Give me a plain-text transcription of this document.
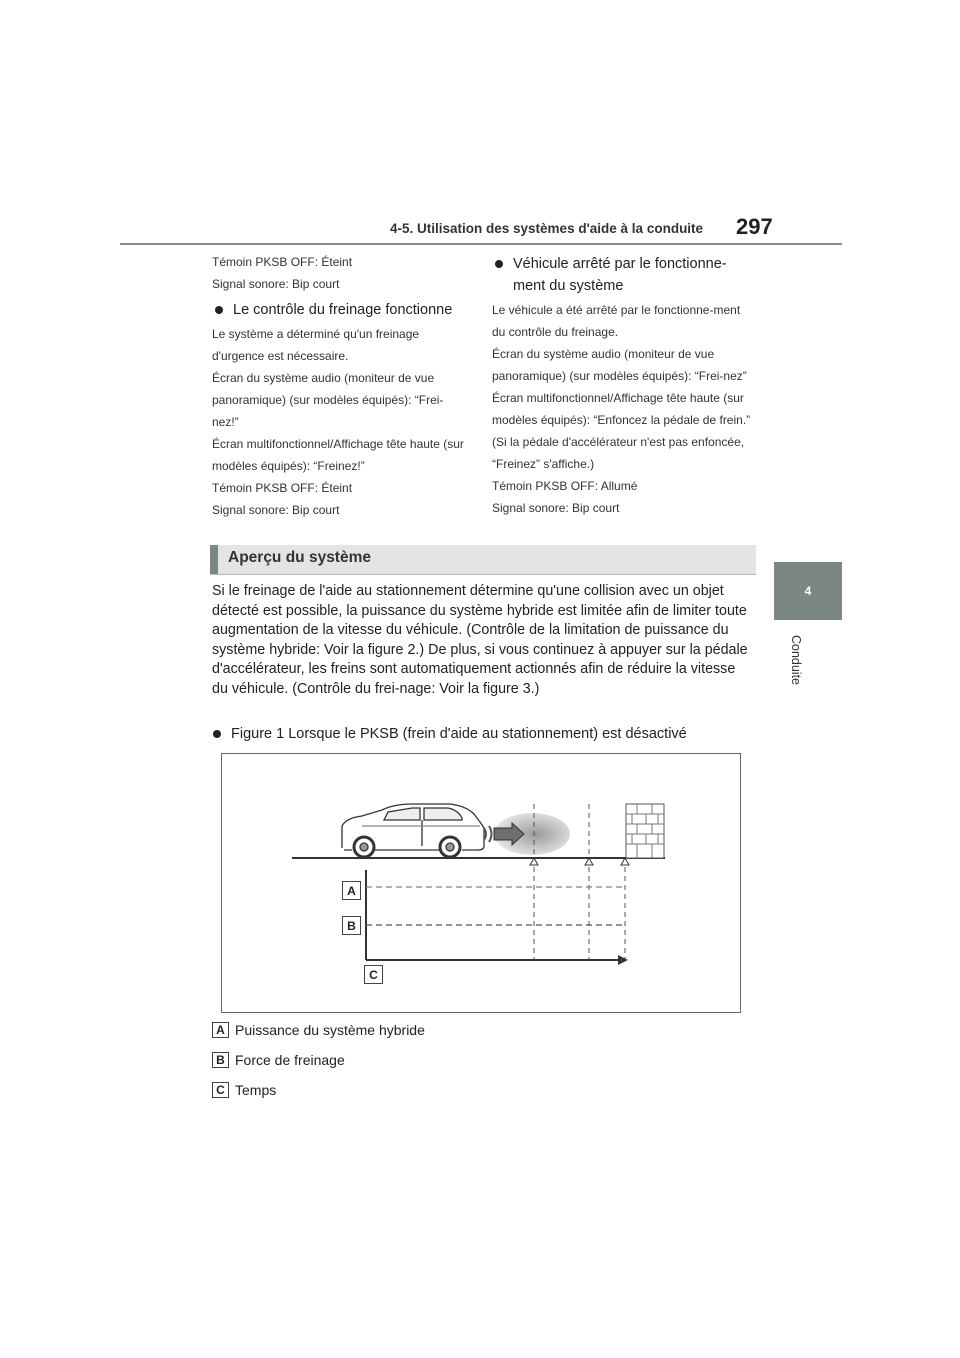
4-5. Utilisation des systèmes d'aide à la conduite 297
4
Conduite

Témoin PKSB OFF: Éteint

Signal sonore: Bip court

Le contrôle du freinage fonctionne

Le système a déterminé qu'un freinage d'urgence est nécessaire.

Écran du système audio (moniteur de vue panoramique) (sur modèles équipés): “Frei-nez!”

Écran multifonctionnel/Affichage tête haute (sur modèles équipés): “Freinez!”

Témoin PKSB OFF: Éteint

Signal sonore: Bip court

Véhicule arrêté par le fonctionne-ment du système

Le véhicule a été arrêté par le fonctionne-ment du contrôle du freinage.

Écran du système audio (moniteur de vue panoramique) (sur modèles équipés): “Frei-nez”

Écran multifonctionnel/Affichage tête haute (sur modèles équipés): “Enfoncez la pédale de frein.” (Si la pédale d'accélérateur n'est pas enfoncée, “Freinez” s'affiche.)

Témoin PKSB OFF: Allumé

Signal sonore: Bip court

Aperçu du système

Si le freinage de l'aide au stationnement détermine qu'une collision avec un objet détecté est possible, la puissance du système hybride est limitée afin de limiter toute augmentation de la vitesse du véhicule. (Contrôle de la limitation de puissance du système hybride: Voir la figure 2.) De plus, si vous continuez à appuyer sur la pédale d'accélérateur, les freins sont automatiquement actionnés afin de réduire la vitesse du véhicule. (Contrôle du frei-nage: Voir la figure 3.)

Figure 1 Lorsque le PKSB (frein d'aide au stationnement) est désactivé
A
B
C
A Puissance du système hybride
B Force de freinage
C Temps
